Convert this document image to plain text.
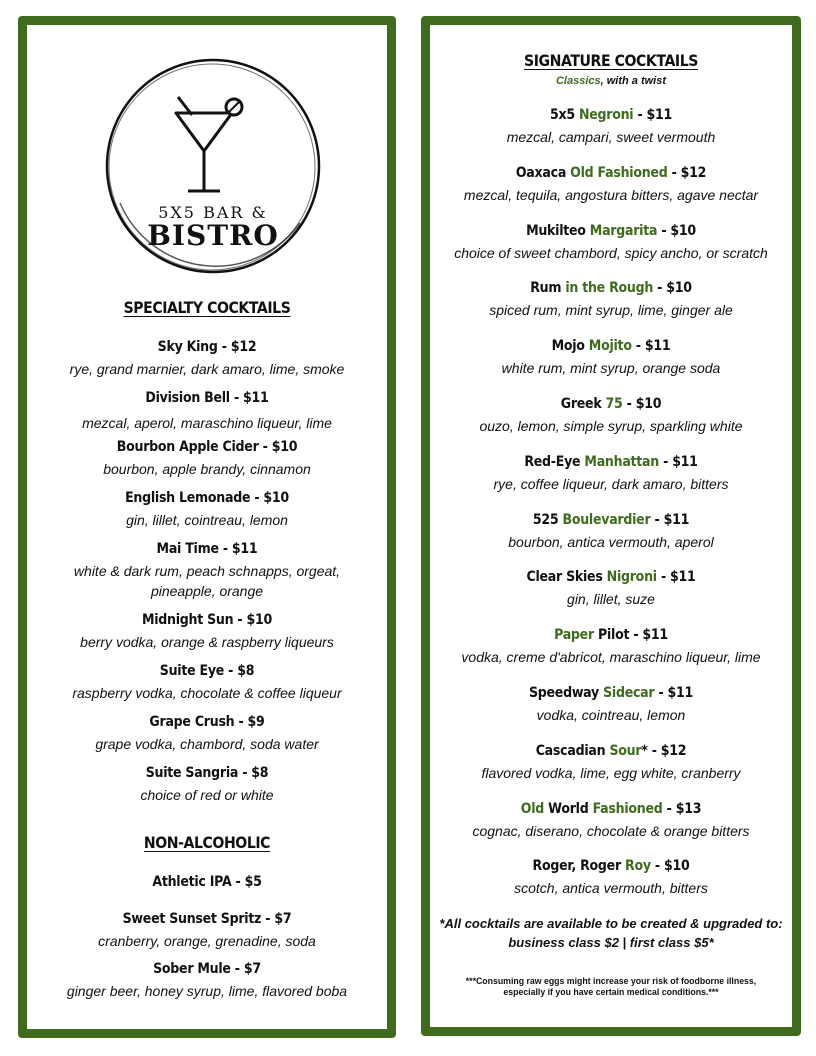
5X5 BAR &
BISTRO
SPECIALTY COCKTAILS
Sky King - $12
rye, grand marnier, dark amaro, lime, smoke
Division Bell - $11
mezcal, aperol, maraschino liqueur, lime
Bourbon Apple Cider - $10
bourbon, apple brandy, cinnamon
English Lemonade - $10
gin, lillet, cointreau, lemon
Mai Time - $11
white & dark rum, peach schnapps, orgeat,
pineapple, orange
Midnight Sun - $10
berry vodka, orange & raspberry liqueurs
Suite Eye - $8
raspberry vodka, chocolate & coffee liqueur
Grape Crush - $9
grape vodka, chambord, soda water
Suite Sangria - $8
choice of red or white
NON-ALCOHOLIC
Athletic IPA - $5
Sweet Sunset Spritz - $7
cranberry, orange, grenadine, soda
Sober Mule - $7
ginger beer, honey syrup, lime, flavored boba
SIGNATURE COCKTAILS
Classics, with a twist
5x5 Negroni - $11
mezcal, campari, sweet vermouth
Oaxaca Old Fashioned - $12
mezcal, tequila, angostura bitters, agave nectar
Mukilteo Margarita - $10
choice of sweet chambord, spicy ancho, or scratch
Rum in the Rough - $10
spiced rum, mint syrup, lime, ginger ale
Mojo Mojito - $11
white rum, mint syrup, orange soda
Greek 75 - $10
ouzo, lemon, simple syrup, sparkling white
Red-Eye Manhattan - $11
rye, coffee liqueur, dark amaro, bitters
525 Boulevardier - $11
bourbon, antica vermouth, aperol
Clear Skies Nigroni - $11
gin, lillet, suze
Paper Pilot - $11
vodka, creme d'abricot, maraschino liqueur, lime
Speedway Sidecar - $11
vodka, cointreau, lemon
Cascadian Sour* - $12
flavored vodka, lime, egg white, cranberry
Old World Fashioned - $13
cognac, diserano, chocolate & orange bitters
Roger, Roger Roy - $10
scotch, antica vermouth, bitters
*All cocktails are available to be created & upgraded to:
business class $2 | first class $5*
***Consuming raw eggs might increase your risk of foodborne illness,
especially if you have certain medical conditions.***
